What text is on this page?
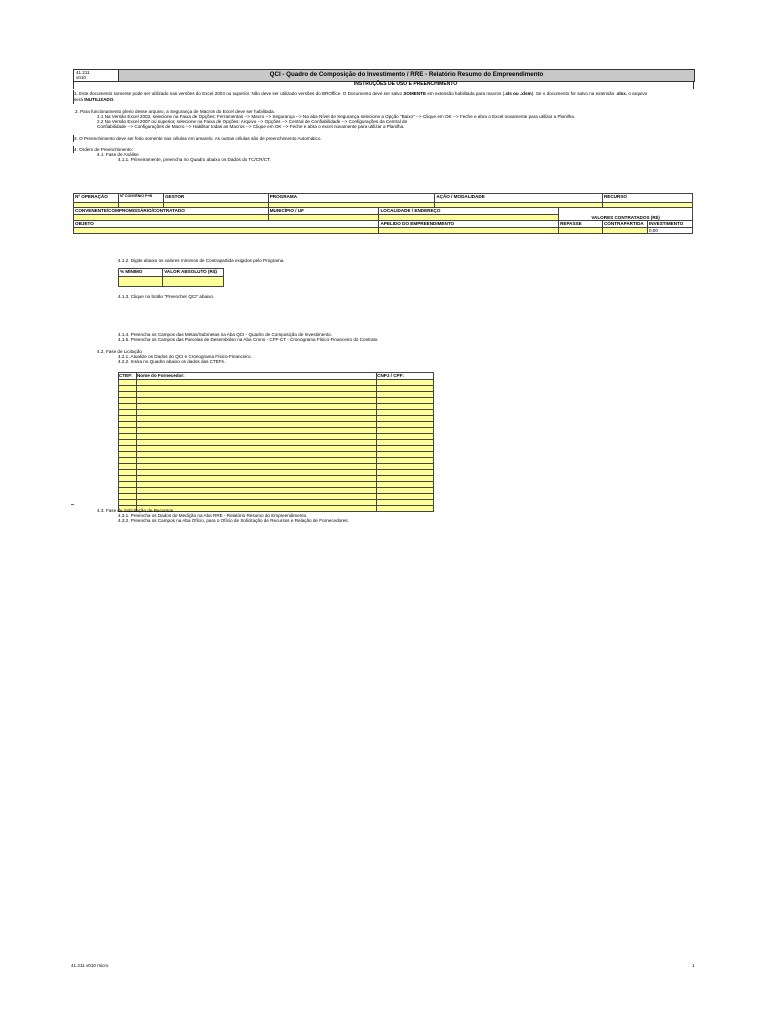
41.211
v010	QCI - Quadro de Composição do Investimento / RRE - Relatório Resumo do Empreendimento
INSTRUÇÕES DE USO E PREENCHIMENTO
1. Este documento somente pode ser utilizado nas versões do Excel 2003 ou superior. Não deve ser utilizado versões do BROffice. O Documento deve ser salvo SOMENTE em extensão habilitada para macros (.xls ou .xlsm). Se o documento for salvo na extensão .xlsx, o arquivo
será INUTILIZADO.
2. Para funcionamento pleno desse arquivo, a Segurança de Macros do Excel deve ser habilitada.
2.1 Na Versão Excel 2003, selecione na Faixa de Opções: Ferramentas --> Macro --> Segurança --> Na aba Nível de Segurança selecione a Opção "Baixo" --> Clique em OK --> Feche e abra o Excel novamente para utilizar a Planilha.
2.2 Na Versão Excel 2007 ou superior, selecione na Faixa de Opções: Arquivo --> Opções --> Central de Confiabilidade --> Configurações da Central de
Confiabilidade --> Configurações de Macro --> Habilitar todas as Macros --> Clique em OK --> Feche e abra o excel novamente para utilizar a Planilha.
3. O Preenchimento deve ser feito somente nas células em amarelo. As outras células são de preenchimento Automático.
4. Ordem de Preenchimento:
4.1. Fase de Análise
4.1.1. Primeiramente, preencha no Quadro abaixo os Dados do TC/CR/CT:
Nº OPERAÇÃO	Nº CONVÊNIO P+B	GESTOR	PROGRAMA		AÇÃO / MODALIDADE		RECURSO	

CONVENENTE/COMPROMISSÁRIO/CONTRATADO			MUNICÍPIO / UF	LOCALIDADE / ENDEREÇO		VALORES CONTRATADOS (R$)		

OBJETO				APELIDO DO EMPREENDIMENTO		REPASSE	CONTRAPARTIDA	INVESTIMENTO
								0,00
4.1.2. Digite abaixo os valores mínimos de Contrapartida exigidos pelo Programa.
% MÍNIMO	VALOR ABSOLUTO (R$)

4.1.3. Clique no botão "Preencher QCI" abaixo.
4.1.4. Preencha os Campos das Metas/Submetas na Aba QCI - Quadro de Composição de Investimento.
4.1.5. Preencha os Campos das Parcelas de Desembolso na Aba Crono - CFF-CT - Cronograma Físico-Financeiro do Contrato.
4.2. Fase de Licitação
4.2.1. Atualize os Dados do QCI e Cronograma Físico-Financeiro.
4.2.2. Insira no Quadro abaixo os dados das CTEFs.
CTEF:	Nome do Fornecedor:	CNPJ / CPF:

4.3. Fase de Solicitação de Recursos
4.3.1. Preencha os Dados de Medição na Aba RRE - Relatório Resumo do Empreendimento.
4.3.2. Preencha os Campos na Aba Ofício, para o Ofício de Solicitação de Recursos e Relação de Fornecedores.
41.211 v010 micro	1
